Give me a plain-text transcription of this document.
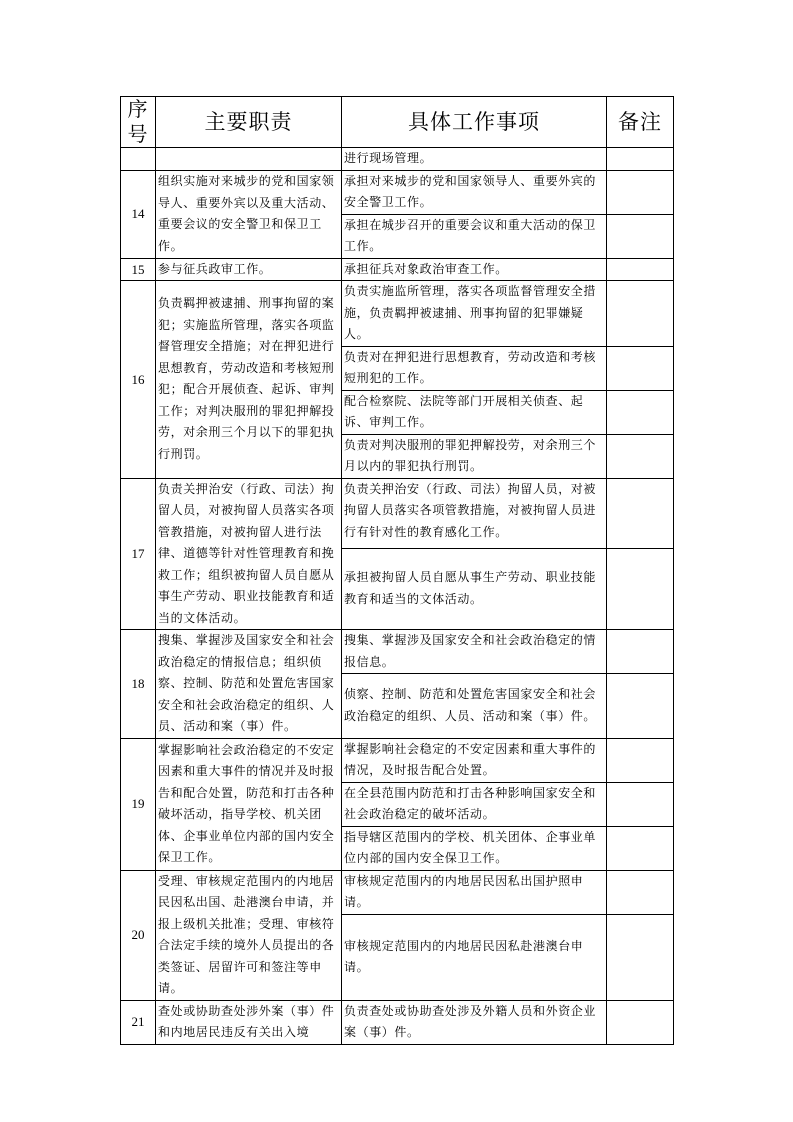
序号	主要职责	具体工作事项	备注
		进行现场管理。	
14	组织实施对来城步的党和国家领导人、重要外宾以及重大活动、重要会议的安全警卫和保卫工作。	承担对来城步的党和国家领导人、重要外宾的安全警卫工作。	
		承担在城步召开的重要会议和重大活动的保卫工作。	
15	参与征兵政审工作。	承担征兵对象政治审查工作。	
16	负责羁押被逮捕、刑事拘留的案犯；实施监所管理，落实各项监督管理安全措施；对在押犯进行思想教育，劳动改造和考核短刑犯；配合开展侦查、起诉、审判工作；对判决服刑的罪犯押解投劳，对余刑三个月以下的罪犯执行刑罚。	负责实施监所管理，落实各项监督管理安全措施，负责羁押被逮捕、刑事拘留的犯罪嫌疑人。	
		负责对在押犯进行思想教育，劳动改造和考核短刑犯的工作。	
		配合检察院、法院等部门开展相关侦查、起诉、审判工作。	
		负责对判决服刑的罪犯押解投劳，对余刑三个月以内的罪犯执行刑罚。	
17	负责关押治安（行政、司法）拘留人员，对被拘留人员落实各项管教措施，对被拘留人进行法律、道德等针对性管理教育和挽救工作；组织被拘留人员自愿从事生产劳动、职业技能教育和适当的文体活动。	负责关押治安（行政、司法）拘留人员，对被拘留人员落实各项管教措施，对被拘留人员进行有针对性的教育感化工作。	
		承担被拘留人员自愿从事生产劳动、职业技能教育和适当的文体活动。	
18	搜集、掌握涉及国家安全和社会政治稳定的情报信息；组织侦察、控制、防范和处置危害国家安全和社会政治稳定的组织、人员、活动和案（事）件。	搜集、掌握涉及国家安全和社会政治稳定的情报信息。	
		侦察、控制、防范和处置危害国家安全和社会政治稳定的组织、人员、活动和案（事）件。	
19	掌握影响社会政治稳定的不安定因素和重大事件的情况并及时报告和配合处置，防范和打击各种破坏活动，指导学校、机关团体、企事业单位内部的国内安全保卫工作。	掌握影响社会稳定的不安定因素和重大事件的情况，及时报告配合处置。	
		在全县范围内防范和打击各种影响国家安全和社会政治稳定的破坏活动。	
		指导辖区范围内的学校、机关团体、企事业单位内部的国内安全保卫工作。	
20	受理、审核规定范围内的内地居民因私出国、赴港澳台申请，并报上级机关批准；受理、审核符合法定手续的境外人员提出的各类签证、居留许可和签注等申请。	审核规定范围内的内地居民因私出国护照申请。	
		审核规定范围内的内地居民因私赴港澳台申请。	
21	查处或协助查处涉外案（事）件和内地居民违反有关出入境	负责查处或协助查处涉及外籍人员和外资企业案（事）件。	
